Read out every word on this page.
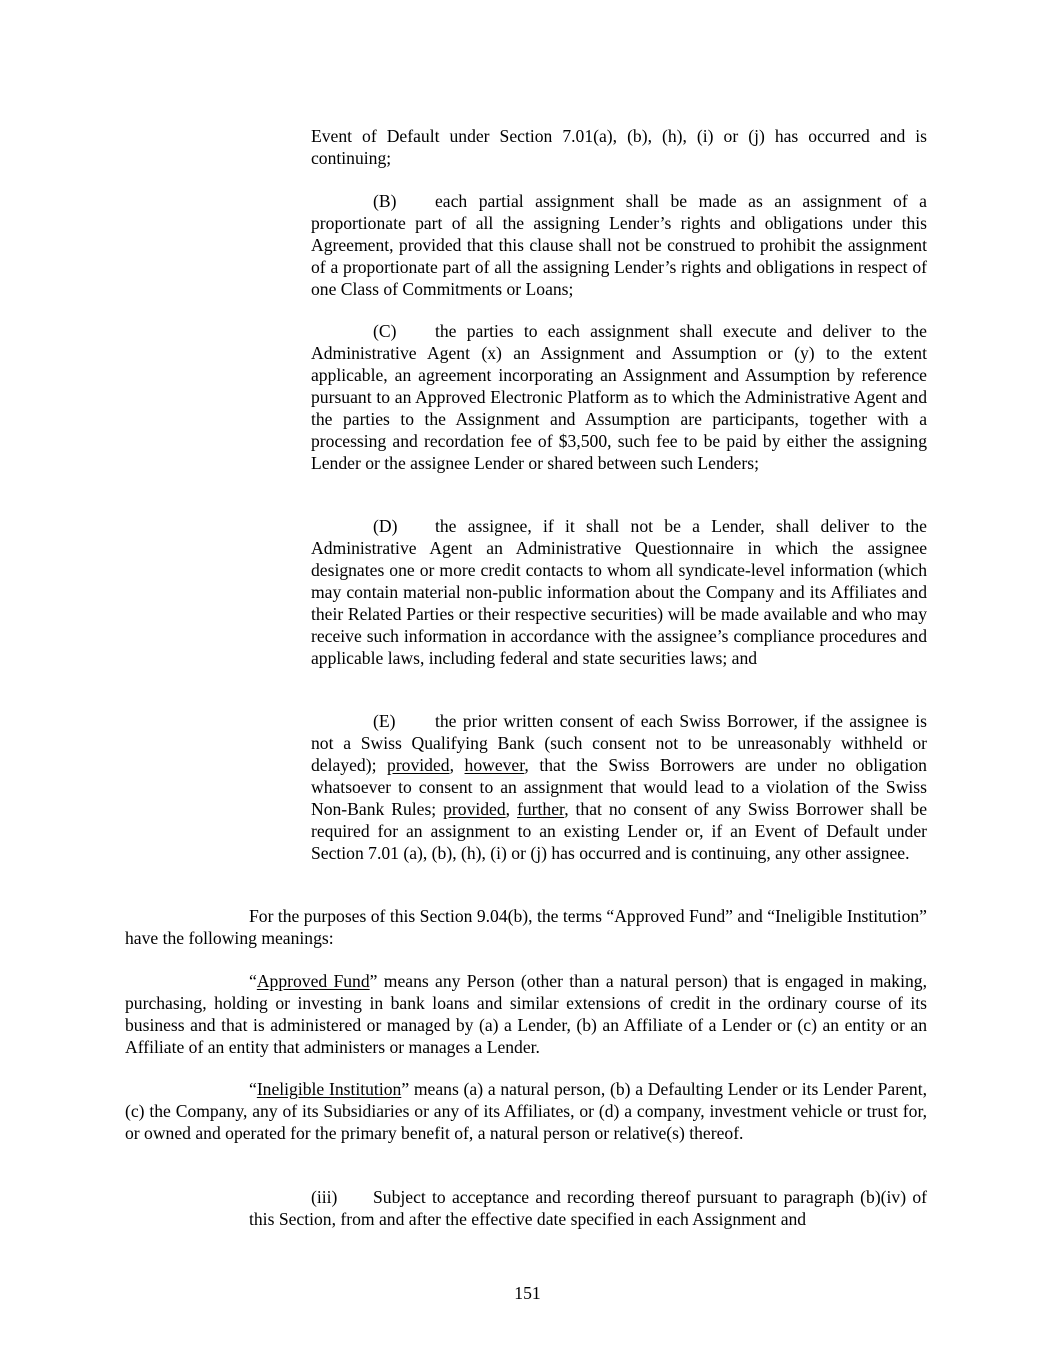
Event of Default under Section 7.01(a), (b), (h), (i) or (j) has occurred and is continuing;

(B) each partial assignment shall be made as an assignment of a proportionate part of all the assigning Lender’s rights and obligations under this Agreement, provided that this clause shall not be construed to prohibit the assignment of a proportionate part of all the assigning Lender’s rights and obligations in respect of one Class of Commitments or Loans;

(C) the parties to each assignment shall execute and deliver to the Administrative Agent (x) an Assignment and Assumption or (y) to the extent applicable, an agreement incorporating an Assignment and Assumption by reference pursuant to an Approved Electronic Platform as to which the Administrative Agent and the parties to the Assignment and Assumption are participants, together with a processing and recordation fee of $3,500, such fee to be paid by either the assigning Lender or the assignee Lender or shared between such Lenders;

(D) the assignee, if it shall not be a Lender, shall deliver to the Administrative Agent an Administrative Questionnaire in which the assignee designates one or more credit contacts to whom all syndicate-level information (which may contain material non-public information about the Company and its Affiliates and their Related Parties or their respective securities) will be made available and who may receive such information in accordance with the assignee’s compliance procedures and applicable laws, including federal and state securities laws; and

(E) the prior written consent of each Swiss Borrower, if the assignee is not a Swiss Qualifying Bank (such consent not to be unreasonably withheld or delayed); provided, however, that the Swiss Borrowers are under no obligation whatsoever to consent to an assignment that would lead to a violation of the Swiss Non-Bank Rules; provided, further, that no consent of any Swiss Borrower shall be required for an assignment to an existing Lender or, if an Event of Default under Section 7.01 (a), (b), (h), (i) or (j) has occurred and is continuing, any other assignee.

For the purposes of this Section 9.04(b), the terms “Approved Fund” and “Ineligible Institution” have the following meanings:

“Approved Fund” means any Person (other than a natural person) that is engaged in making, purchasing, holding or investing in bank loans and similar extensions of credit in the ordinary course of its business and that is administered or managed by (a) a Lender, (b) an Affiliate of a Lender or (c) an entity or an Affiliate of an entity that administers or manages a Lender.

“Ineligible Institution” means (a) a natural person, (b) a Defaulting Lender or its Lender Parent, (c) the Company, any of its Subsidiaries or any of its Affiliates, or (d) a company, investment vehicle or trust for, or owned and operated for the primary benefit of, a natural person or relative(s) thereof.

(iii) Subject to acceptance and recording thereof pursuant to paragraph (b)(iv) of this Section, from and after the effective date specified in each Assignment and

151
